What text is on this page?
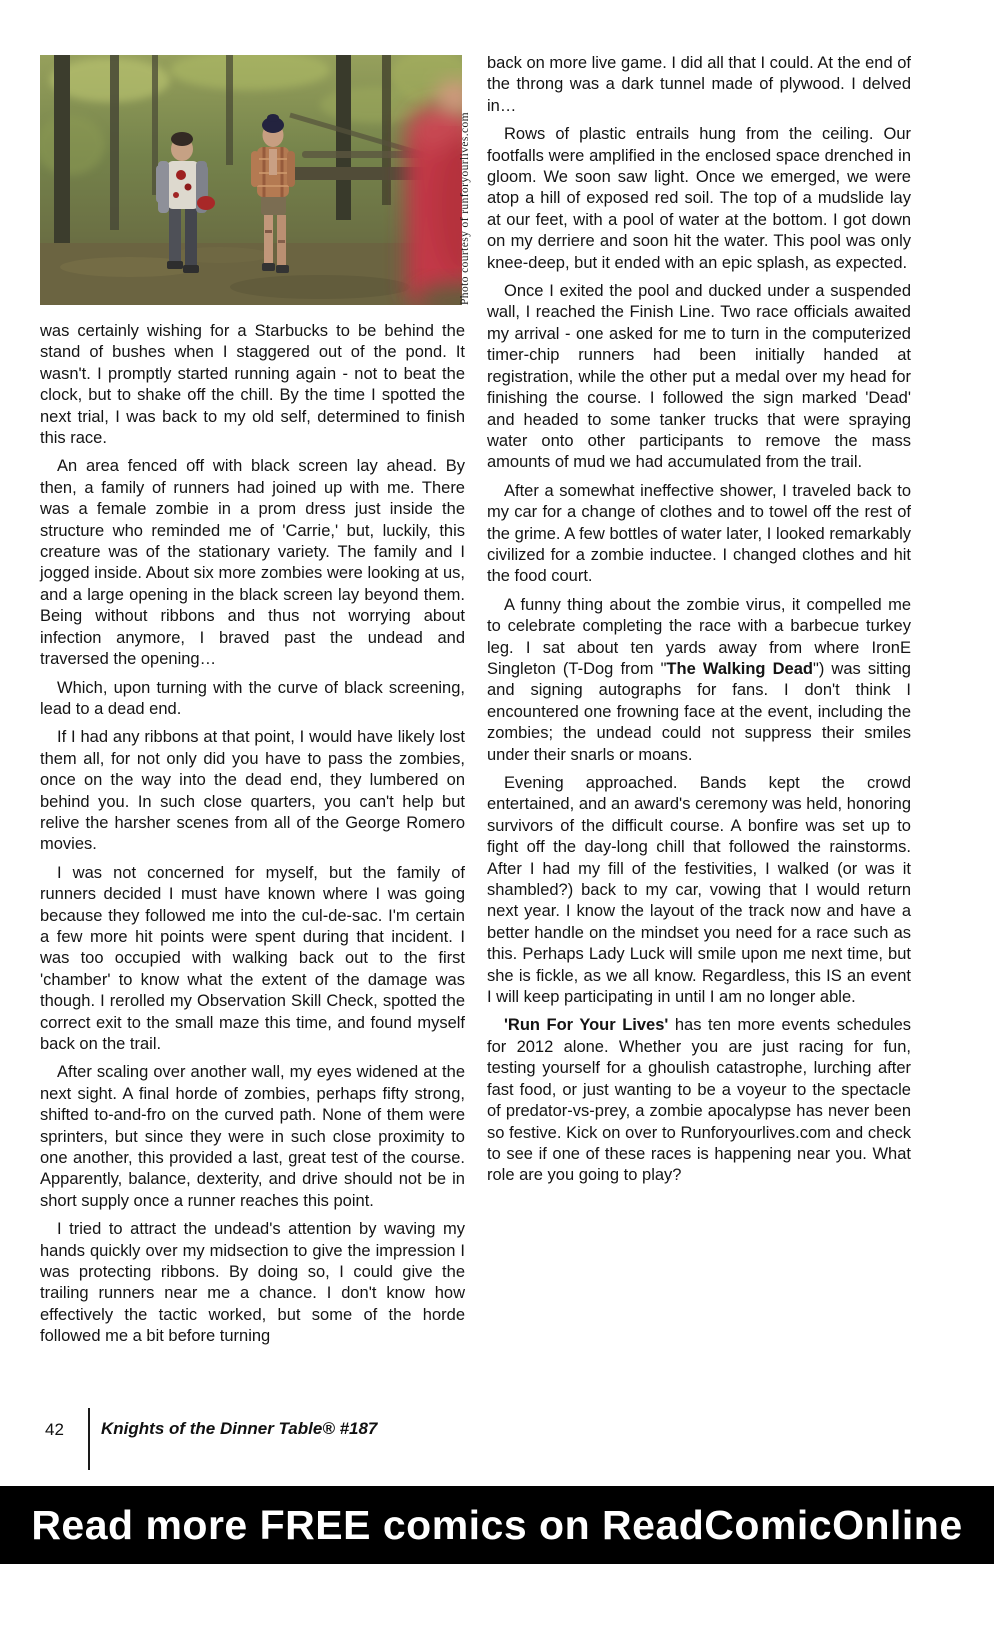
Photo courtesy of runforyourlives.com

was certainly wishing for a Starbucks to be behind the stand of bushes when I staggered out of the pond. It wasn't. I promptly started running again - not to beat the clock, but to shake off the chill. By the time I spotted the next trial, I was back to my old self, determined to finish this race.

An area fenced off with black screen lay ahead. By then, a family of runners had joined up with me. There was a female zombie in a prom dress just inside the structure who reminded me of 'Carrie,' but, luckily, this creature was of the stationary variety. The family and I jogged inside. About six more zombies were looking at us, and a large opening in the black screen lay beyond them. Being without ribbons and thus not worrying about infection anymore, I braved past the undead and traversed the opening…

Which, upon turning with the curve of black screening, lead to a dead end.

If I had any ribbons at that point, I would have likely lost them all, for not only did you have to pass the zombies, once on the way into the dead end, they lumbered on behind you. In such close quarters, you can't help but relive the harsher scenes from all of the George Romero movies.

I was not concerned for myself, but the family of runners decided I must have known where I was going because they followed me into the cul-de-sac. I'm certain a few more hit points were spent during that incident. I was too occupied with walking back out to the first 'chamber' to know what the extent of the damage was though. I rerolled my Observation Skill Check, spotted the correct exit to the small maze this time, and found myself back on the trail.

After scaling over another wall, my eyes widened at the next sight. A final horde of zombies, perhaps fifty strong, shifted to-and-fro on the curved path. None of them were sprinters, but since they were in such close proximity to one another, this provided a last, great test of the course. Apparently, balance, dexterity, and drive should not be in short supply once a runner reaches this point.

I tried to attract the undead's attention by waving my hands quickly over my midsection to give the impression I was protecting ribbons. By doing so, I could give the trailing runners near me a chance. I don't know how effectively the tactic worked, but some of the horde followed me a bit before turning

back on more live game. I did all that I could. At the end of the throng was a dark tunnel made of plywood. I delved in…

Rows of plastic entrails hung from the ceiling. Our footfalls were amplified in the enclosed space drenched in gloom. We soon saw light. Once we emerged, we were atop a hill of exposed red soil. The top of a mudslide lay at our feet, with a pool of water at the bottom. I got down on my derriere and soon hit the water. This pool was only knee-deep, but it ended with an epic splash, as expected.

Once I exited the pool and ducked under a suspended wall, I reached the Finish Line. Two race officials awaited my arrival - one asked for me to turn in the computerized timer-chip runners had been initially handed at registration, while the other put a medal over my head for finishing the course. I followed the sign marked 'Dead' and headed to some tanker trucks that were spraying water onto other participants to remove the mass amounts of mud we had accumulated from the trail.

After a somewhat ineffective shower, I traveled back to my car for a change of clothes and to towel off the rest of the grime. A few bottles of water later, I looked remarkably civilized for a zombie inductee. I changed clothes and hit the food court.

A funny thing about the zombie virus, it compelled me to celebrate completing the race with a barbecue turkey leg. I sat about ten yards away from where IronE Singleton (T-Dog from "The Walking Dead") was sitting and signing autographs for fans. I don't think I encountered one frowning face at the event, including the zombies; the undead could not suppress their smiles under their snarls or moans.

Evening approached. Bands kept the crowd entertained, and an award's ceremony was held, honoring survivors of the difficult course. A bonfire was set up to fight off the day-long chill that followed the rainstorms. After I had my fill of the festivities, I walked (or was it shambled?) back to my car, vowing that I would return next year. I know the layout of the track now and have a better handle on the mindset you need for a race such as this. Perhaps Lady Luck will smile upon me next time, but she is fickle, as we all know. Regardless, this IS an event I will keep participating in until I am no longer able.

'Run For Your Lives' has ten more events schedules for 2012 alone. Whether you are just racing for fun, testing yourself for a ghoulish catastrophe, lurching after fast food, or just wanting to be a voyeur to the spectacle of predator-vs-prey, a zombie apocalypse has never been so festive. Kick on over to Runforyourlives.com and check to see if one of these races is happening near you. What role are you going to play?

42 Knights of the Dinner Table® #187
Read more FREE comics on ReadComicOnline
